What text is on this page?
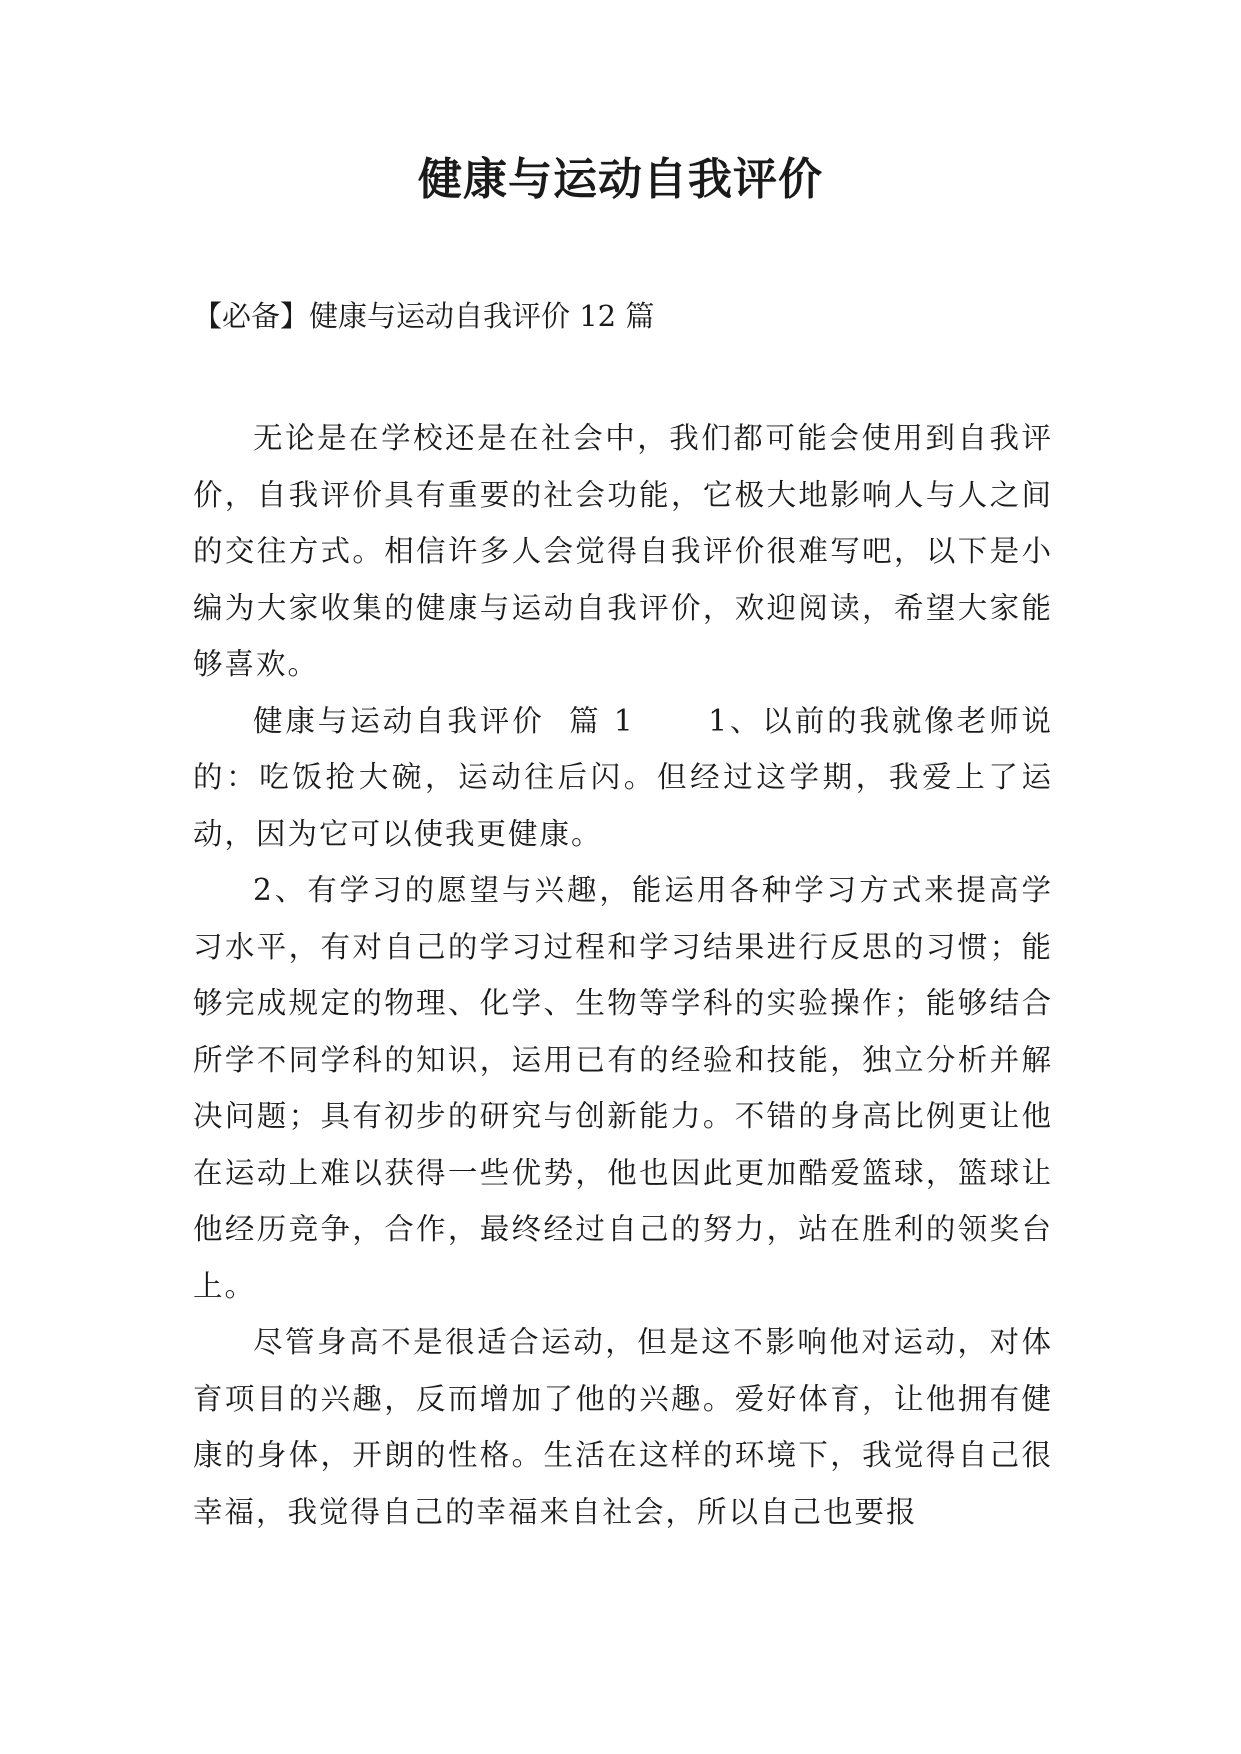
健康与运动自我评价

【必备】健康与运动自我评价 12 篇

无论是在学校还是在社会中，我们都可能会使用到自我评价，自我评价具有重要的社会功能，它极大地影响人与人之间的交往方式。相信许多人会觉得自我评价很难写吧，以下是小编为大家收集的健康与运动自我评价，欢迎阅读，希望大家能够喜欢。

健康与运动自我评价  篇 1      1、以前的我就像老师说的：吃饭抢大碗，运动往后闪。但经过这学期，我爱上了运动，因为它可以使我更健康。

2、有学习的愿望与兴趣，能运用各种学习方式来提高学习水平，有对自己的学习过程和学习结果进行反思的习惯；能够完成规定的物理、化学、生物等学科的实验操作；能够结合所学不同学科的知识，运用已有的经验和技能，独立分析并解决问题；具有初步的研究与创新能力。不错的身高比例更让他在运动上难以获得一些优势，他也因此更加酷爱篮球，篮球让他经历竞争，合作，最终经过自己的努力，站在胜利的领奖台上。

尽管身高不是很适合运动，但是这不影响他对运动，对体育项目的兴趣，反而增加了他的兴趣。爱好体育，让他拥有健康的身体，开朗的性格。生活在这样的环境下，我觉得自己很幸福，我觉得自己的幸福来自社会，所以自己也要报
